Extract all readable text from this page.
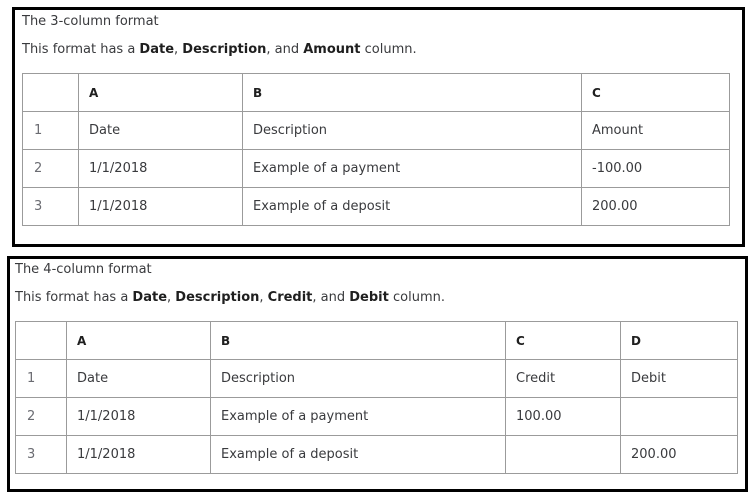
The 3-column format
This format has a Date, Description, and Amount column.
	A	B	C
1	Date	Description	Amount
2	1/1/2018	Example of a payment	-100.00
3	1/1/2018	Example of a deposit	200.00
The 4-column format
This format has a Date, Description, Credit, and Debit column.
	A	B	C	D
1	Date	Description	Credit	Debit
2	1/1/2018	Example of a payment	100.00	
3	1/1/2018	Example of a deposit		200.00
